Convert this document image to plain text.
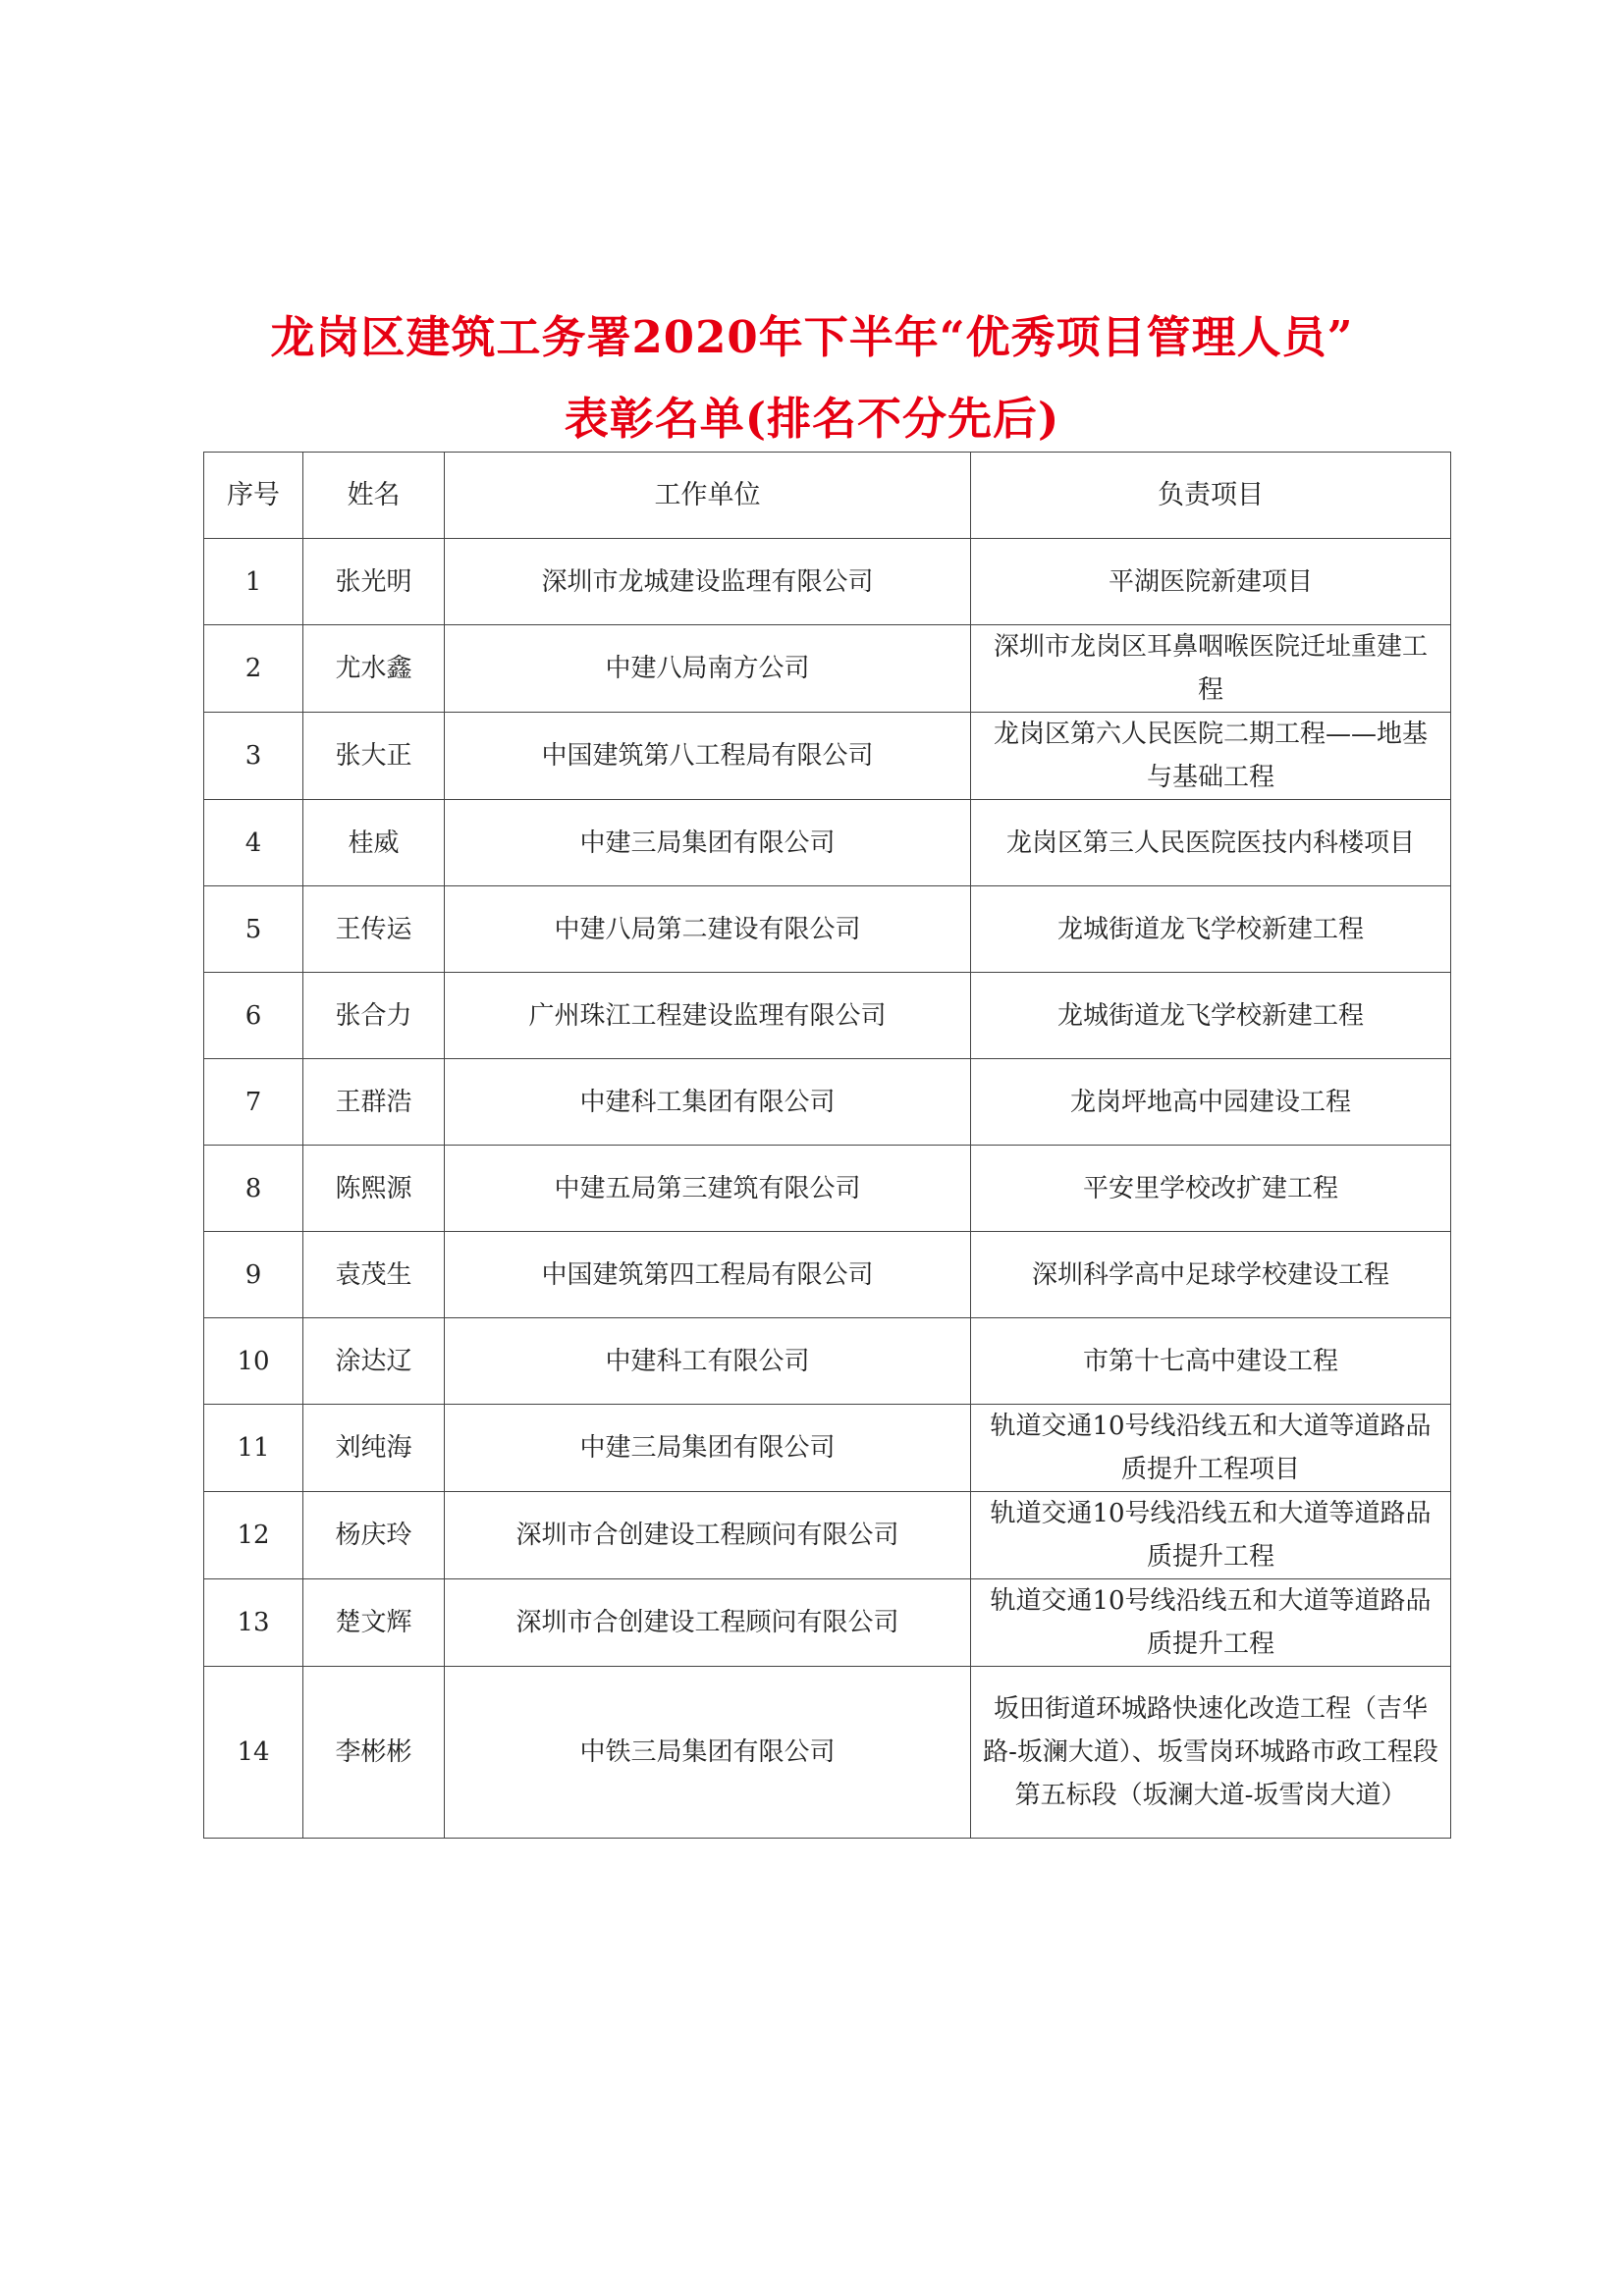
龙岗区建筑工务署2020年下半年“优秀项目管理人员”
表彰名单(排名不分先后)
序号	姓名	工作单位	负责项目
1	张光明	深圳市龙城建设监理有限公司	平湖医院新建项目
2	尤水鑫	中建八局南方公司	深圳市龙岗区耳鼻咽喉医院迁址重建工程
3	张大正	中国建筑第八工程局有限公司	龙岗区第六人民医院二期工程——地基与基础工程
4	桂威	中建三局集团有限公司	龙岗区第三人民医院医技内科楼项目
5	王传运	中建八局第二建设有限公司	龙城街道龙飞学校新建工程
6	张合力	广州珠江工程建设监理有限公司	龙城街道龙飞学校新建工程
7	王群浩	中建科工集团有限公司	龙岗坪地高中园建设工程
8	陈熙源	中建五局第三建筑有限公司	平安里学校改扩建工程
9	袁茂生	中国建筑第四工程局有限公司	深圳科学高中足球学校建设工程
10	涂达辽	中建科工有限公司	市第十七高中建设工程
11	刘纯海	中建三局集团有限公司	轨道交通10号线沿线五和大道等道路品质提升工程项目
12	杨庆玲	深圳市合创建设工程顾问有限公司	轨道交通10号线沿线五和大道等道路品质提升工程
13	楚文辉	深圳市合创建设工程顾问有限公司	轨道交通10号线沿线五和大道等道路品质提升工程
14	李彬彬	中铁三局集团有限公司	坂田街道环城路快速化改造工程（吉华路-坂澜大道）、坂雪岗环城路市政工程段第五标段（坂澜大道-坂雪岗大道）
